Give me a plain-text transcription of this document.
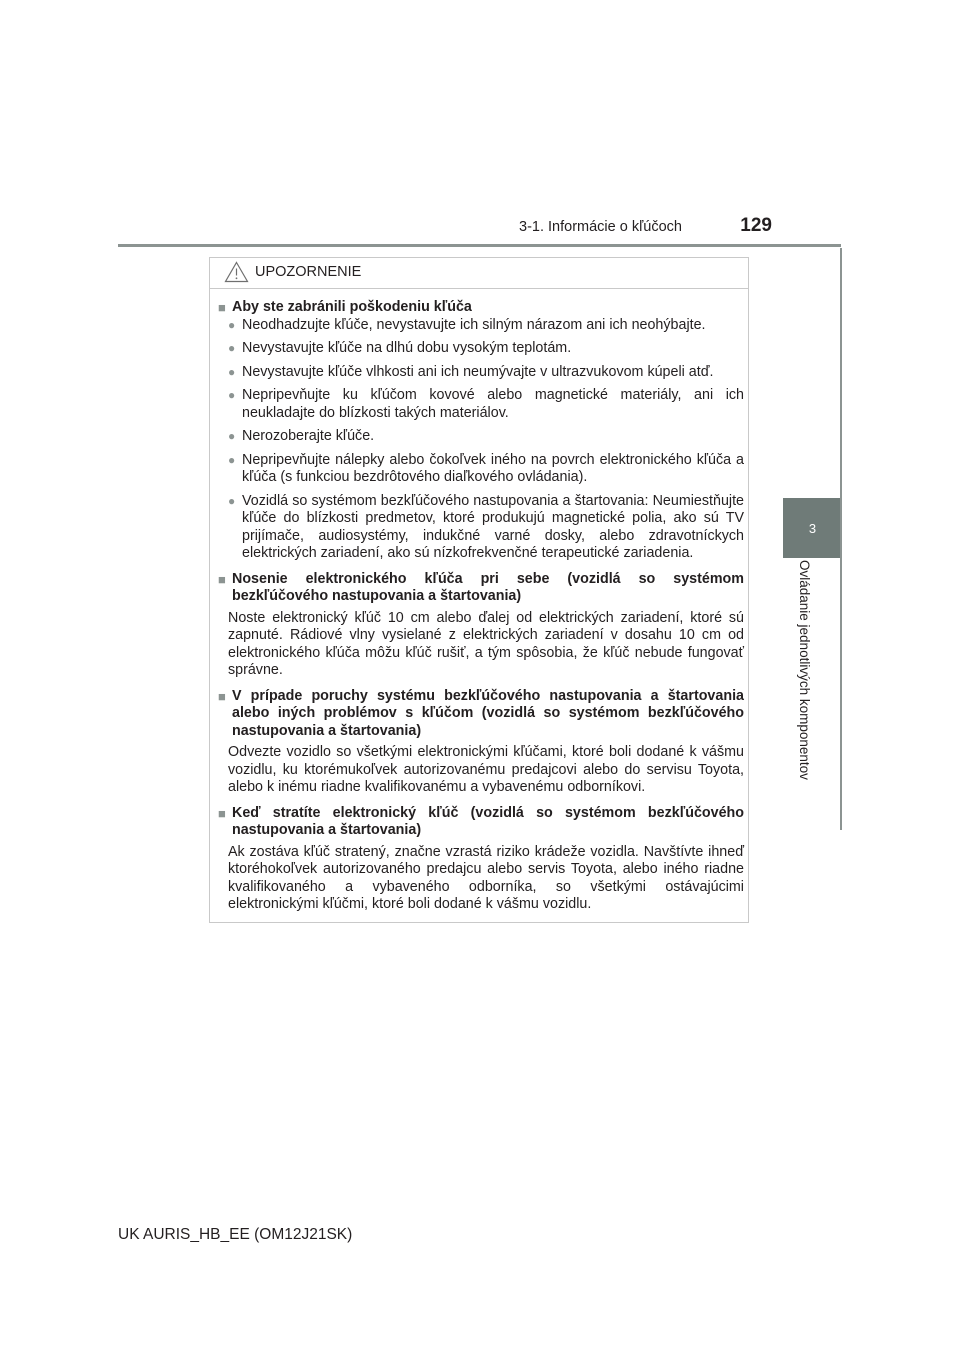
3-1. Informácie o kľúčoch	129
3
Ovládanie jednotlivých komponentov
UPOZORNENIE
■ Aby ste zabránili poškodeniu kľúča
● Neodhadzujte kľúče, nevystavujte ich silným nárazom ani ich neohýbajte.
● Nevystavujte kľúče na dlhú dobu vysokým teplotám.
● Nevystavujte kľúče vlhkosti ani ich neumývajte v ultrazvukovom kúpeli atď.
● Nepripevňujte ku kľúčom kovové alebo magnetické materiály, ani ich neukladajte do blízkosti takých materiálov.
● Nerozoberajte kľúče.
● Nepripevňujte nálepky alebo čokoľvek iného na povrch elektronického kľúča a kľúča (s funkciou bezdrôtového diaľkového ovládania).
● Vozidlá so systémom bezkľúčového nastupovania a štartovania: Neumiestňujte kľúče do blízkosti predmetov, ktoré produkujú magnetické polia, ako sú TV prijímače, audiosystémy, indukčné varné dosky, alebo zdravotníckych elektrických zariadení, ako sú nízkofrekvenčné terapeutické zariadenia.
■ Nosenie elektronického kľúča pri sebe (vozidlá so systémom bezkľúčového nastupovania a štartovania)
Noste elektronický kľúč 10 cm alebo ďalej od elektrických zariadení, ktoré sú zapnuté. Rádiové vlny vysielané z elektrických zariadení v dosahu 10 cm od elektronického kľúča môžu kľúč rušiť, a tým spôsobia, že kľúč nebude fungovať správne.
■ V prípade poruchy systému bezkľúčového nastupovania a štartovania alebo iných problémov s kľúčom (vozidlá so systémom bezkľúčového nastupovania a štartovania)
Odvezte vozidlo so všetkými elektronickými kľúčami, ktoré boli dodané k vášmu vozidlu, ku ktorémukoľvek autorizovanému predajcovi alebo do servisu Toyota, alebo k inému riadne kvalifikovanému a vybavenému odborníkovi.
■ Keď stratíte elektronický kľúč (vozidlá so systémom bezkľúčového nastupovania a štartovania)
Ak zostáva kľúč stratený, značne vzrastá riziko krádeže vozidla. Navštívte ihneď ktoréhokoľvek autorizovaného predajcu alebo servis Toyota, alebo iného riadne kvalifikovaného a vybaveného odborníka, so všetkými ostávajúcimi elektronickými kľúčmi, ktoré boli dodané k vášmu vozidlu.
UK AURIS_HB_EE (OM12J21SK)
